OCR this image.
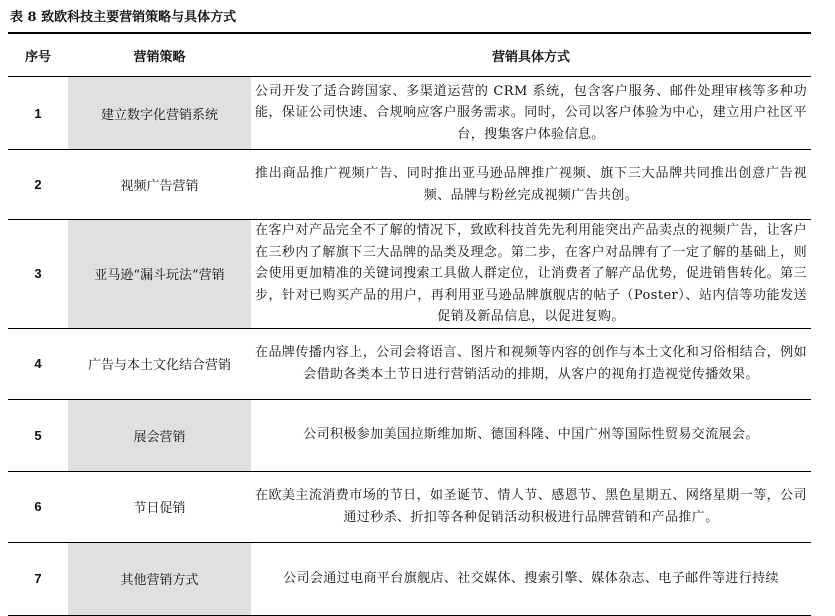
表 8 致欧科技主要营销策略与具体方式
序号	营销策略	营销具体方式
1	建立数字化营销系统	公司开发了适合跨国家、多渠道运营的 CRM 系统，包含客户服务、邮件处理审核等多种功能，保证公司快速、合规响应客户服务需求。同时，公司以客户体验为中心，建立用户社区平台，搜集客户体验信息。
2	视频广告营销	推出商品推广视频广告、同时推出亚马逊品牌推广视频、旗下三大品牌共同推出创意广告视频、品牌与粉丝完成视频广告共创。
3	亚马逊“漏斗玩法”营销	在客户对产品完全不了解的情况下，致欧科技首先先利用能突出产品卖点的视频广告，让客户在三秒内了解旗下三大品牌的品类及理念。第二步，在客户对品牌有了一定了解的基础上，则会使用更加精准的关键词搜索工具做人群定位，让消费者了解产品优势，促进销售转化。第三步，针对已购买产品的用户，再利用亚马逊品牌旗舰店的帖子（Poster）、站内信等功能发送促销及新品信息，以促进复购。
4	广告与本土文化结合营销	在品牌传播内容上，公司会将语言、图片和视频等内容的创作与本土文化和习俗相结合，例如会借助各类本土节日进行营销活动的排期，从客户的视角打造视觉传播效果。
5	展会营销	公司积极参加美国拉斯维加斯、德国科隆、中国广州等国际性贸易交流展会。
6	节日促销	在欧美主流消费市场的节日，如圣诞节、情人节、感恩节、黑色星期五、网络星期一等，公司通过秒杀、折扣等各种促销活动积极进行品牌营销和产品推广。
7	其他营销方式	公司会通过电商平台旗舰店、社交媒体、搜索引擎、媒体杂志、电子邮件等进行持续
